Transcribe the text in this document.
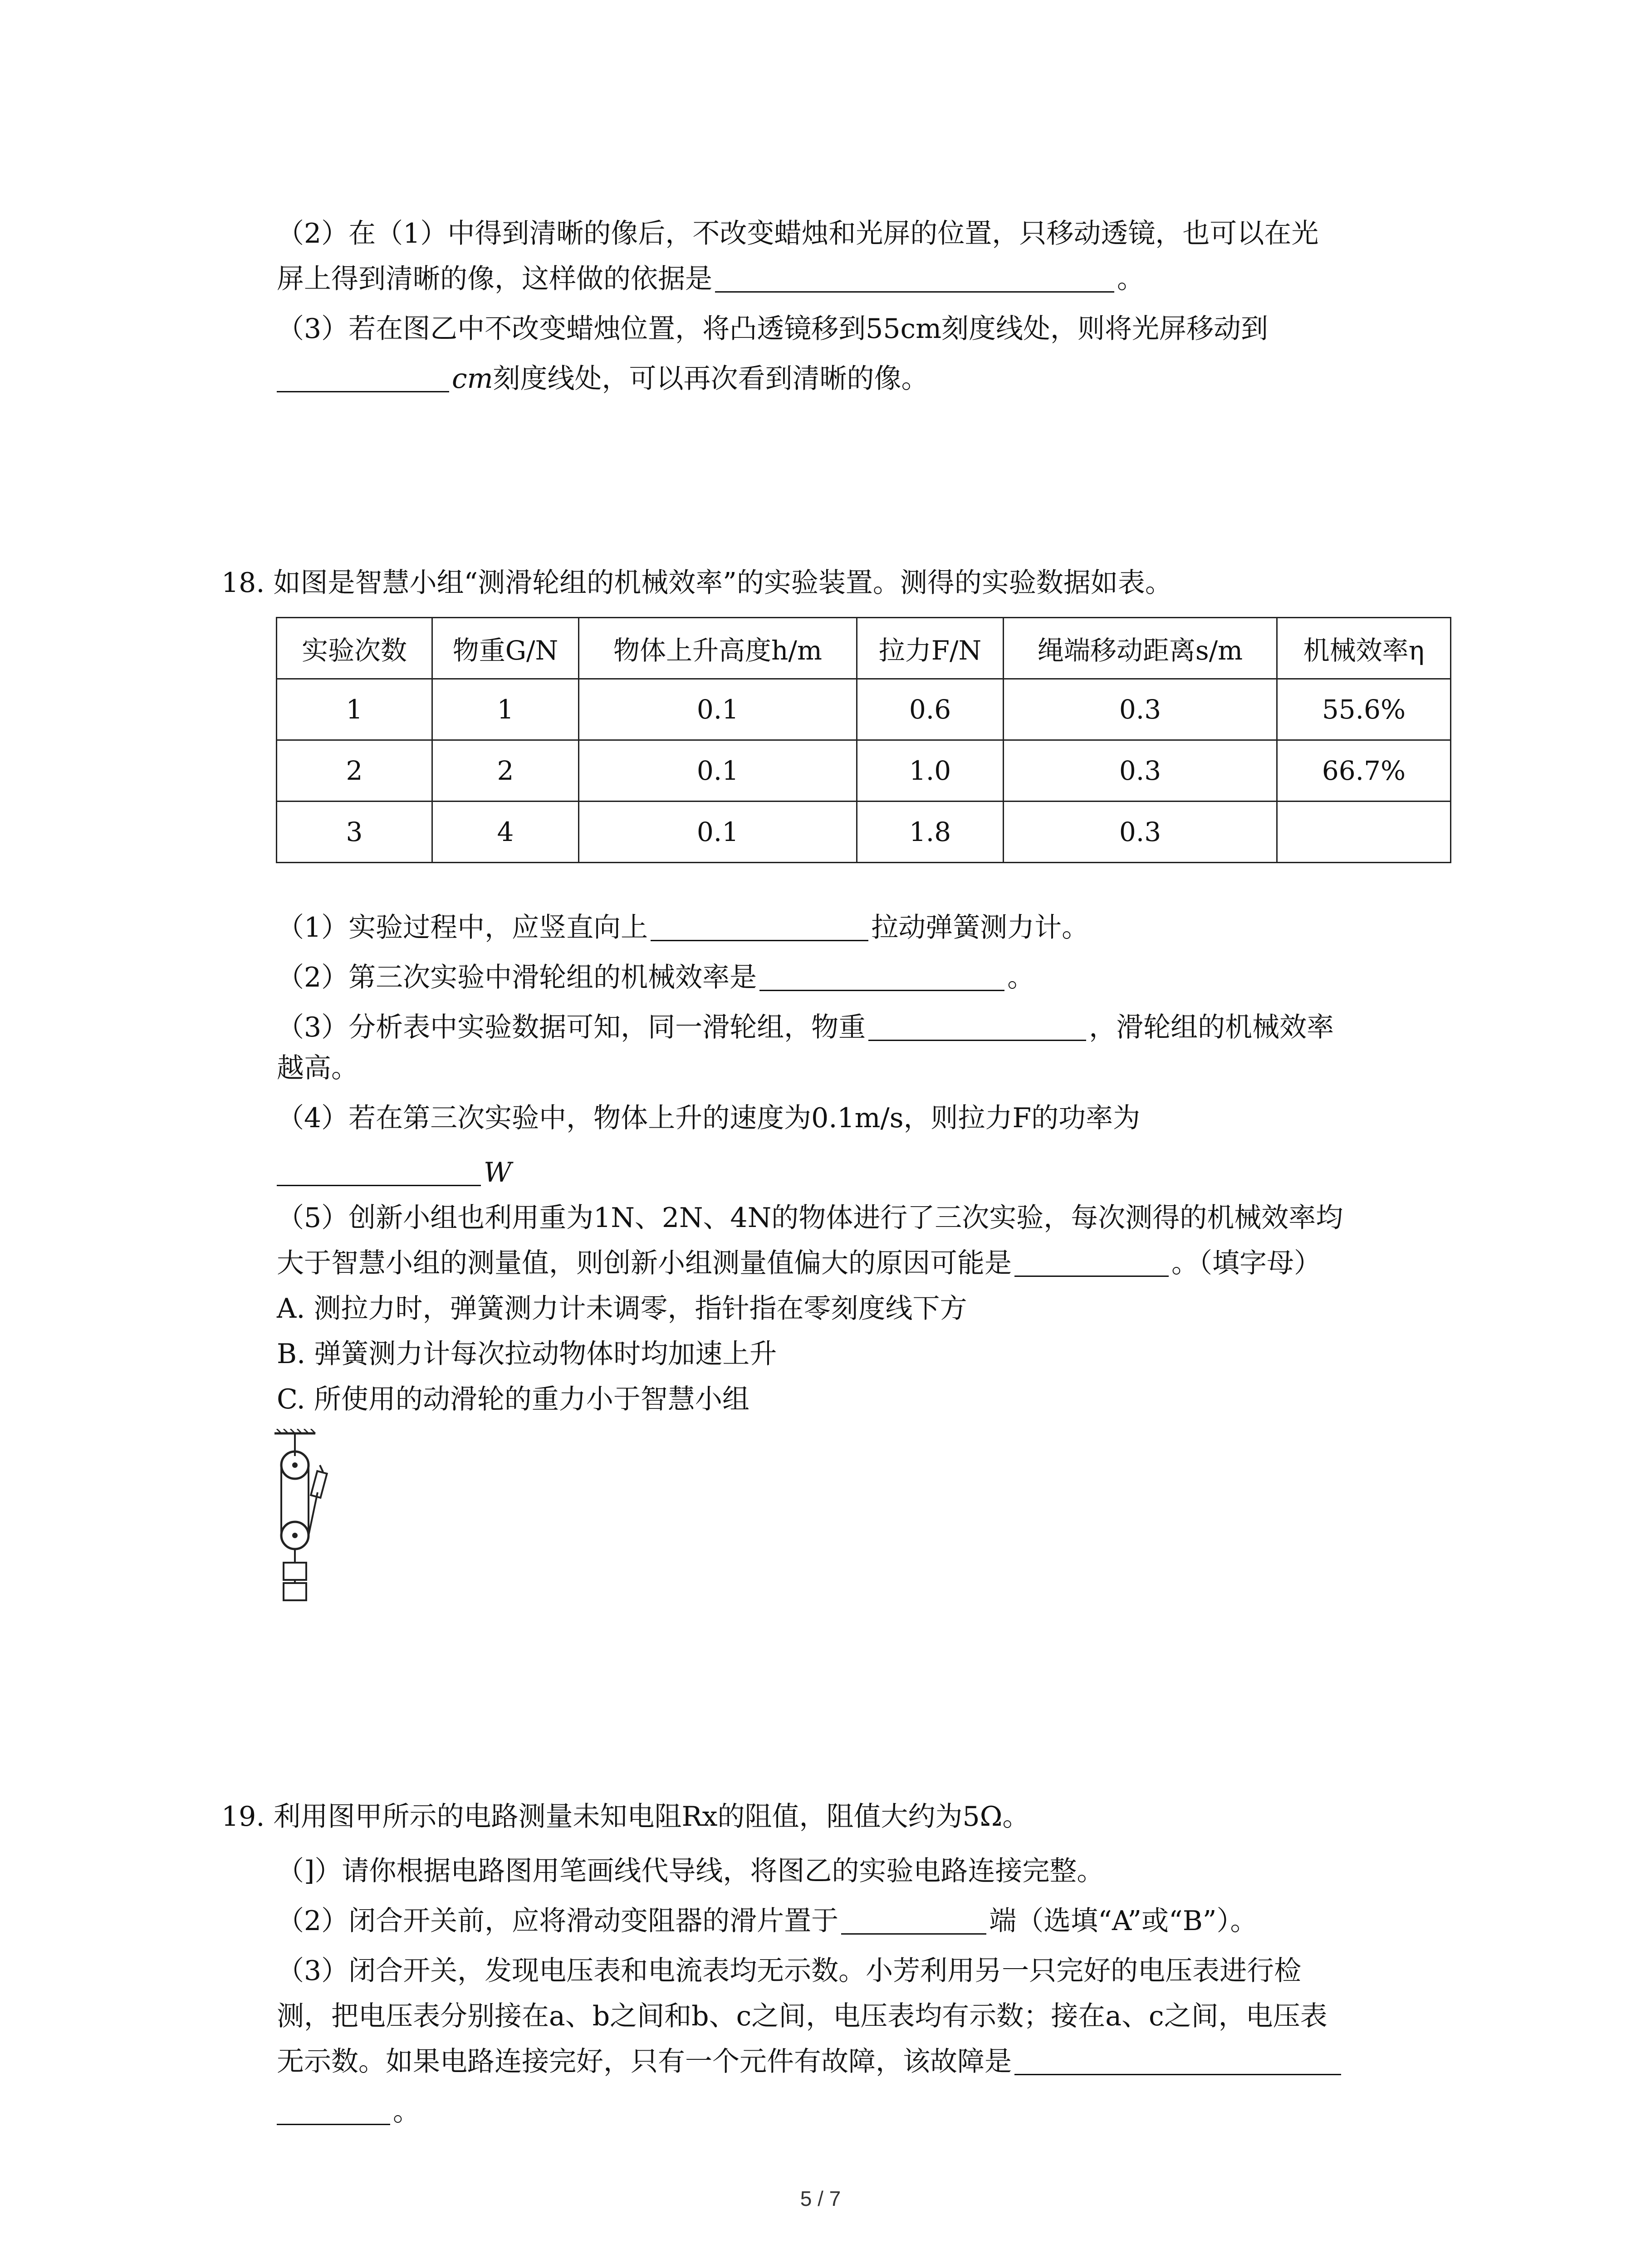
（2）在（1）中得到清晰的像后，不改变蜡烛和光屏的位置，只移动透镜，也可以在光
屏上得到清晰的像，这样做的依据是	。
（3）若在图乙中不改变蜡烛位置，将凸透镜移到55cm刻度线处，则将光屏移动到
cm刻度线处，可以再次看到清晰的像。
18. 如图是智慧小组“测滑轮组的机械效率”的实验装置。测得的实验数据如表。
实验次数	物重G/N	物体上升高度h/m	拉力F/N	绳端移动距离s/m	机械效率η
1	1	0.1	0.6	0.3	55.6%
2	2	0.1	1.0	0.3	66.7%
3	4	0.1	1.8	0.3	
（1）实验过程中，应竖直向上	拉动弹簧测力计。
（2）第三次实验中滑轮组的机械效率是	。
（3）分析表中实验数据可知，同一滑轮组，物重	，滑轮组的机械效率
越高。
（4）若在第三次实验中，物体上升的速度为0.1m/s，则拉力F的功率为
W
（5）创新小组也利用重为1N、2N、4N的物体进行了三次实验，每次测得的机械效率均
大于智慧小组的测量值，则创新小组测量值偏大的原因可能是	。（填字母）
A. 测拉力时，弹簧测力计未调零，指针指在零刻度线下方
B. 弹簧测力计每次拉动物体时均加速上升
C. 所使用的动滑轮的重力小于智慧小组
19. 利用图甲所示的电路测量未知电阻Rx的阻值，阻值大约为5Ω。
（]）请你根据电路图用笔画线代导线，将图乙的实验电路连接完整。
（2）闭合开关前，应将滑动变阻器的滑片置于	端（选填“A”或“B”）。
（3）闭合开关，发现电压表和电流表均无示数。小芳利用另一只完好的电压表进行检
测，把电压表分别接在a、b之间和b、c之间，电压表均有示数；接在a、c之间，电压表
无示数。如果电路连接完好，只有一个元件有故障，该故障是
。
5 / 7
